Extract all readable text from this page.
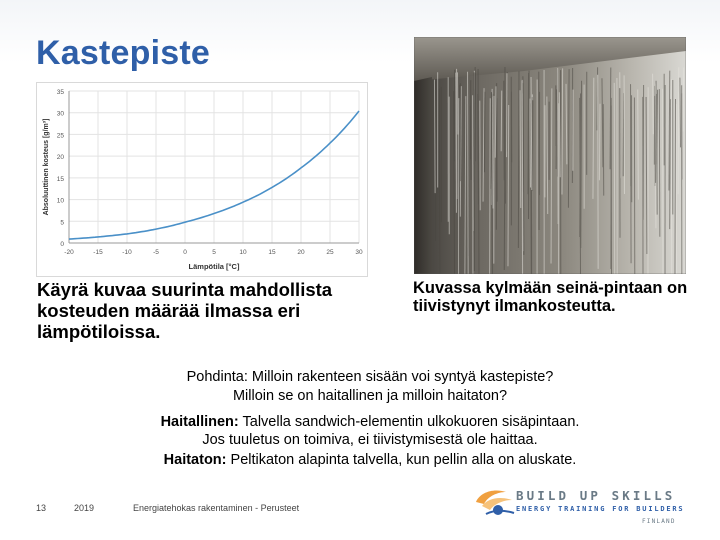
Kastepiste
0
5
10
15
20
25
30
35
-20	-15	-10	-5	0	5	10	15	20	25	30
Lämpötila [°C]
Absoluuttinen kosteus [g/m³]
Käyrä kuvaa suurinta mahdollista kosteuden määrää ilmassa eri lämpötiloissa.
Kuvassa kylmään seinä-pintaan on tiivistynyt ilmankosteutta.
Pohdinta: Milloin rakenteen sisään voi syntyä kastepiste?
Milloin se on haitallinen ja milloin haitaton?
Haitallinen: Talvella sandwich-elementin ulkokuoren sisäpintaan.
Jos tuuletus on toimiva, ei tiivistymisestä ole haittaa.
Haitaton: Peltikaton alapinta talvella, kun pellin alla on aluskate.
13	2019	Energiatehokas rakentaminen - Perusteet
BUILD UP SKILLS
ENERGY TRAINING FOR BUILDERS
FINLAND
